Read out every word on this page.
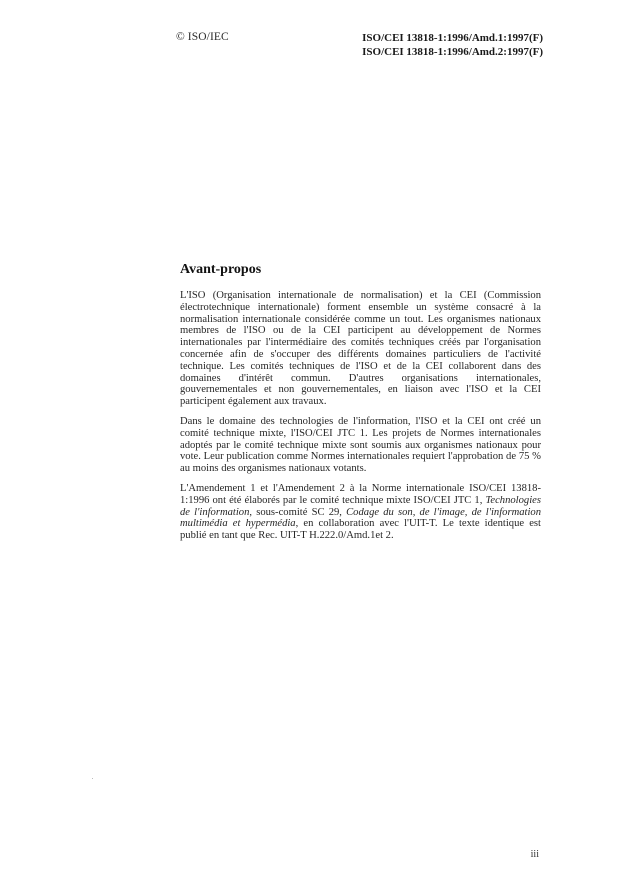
© ISO/IEC	ISO/CEI 13818-1:1996/Amd.1:1997(F)
ISO/CEI 13818-1:1996/Amd.2:1997(F)
Avant-propos

L'ISO (Organisation internationale de normalisation) et la CEI (Commission électrotechnique internationale) forment ensemble un système consacré à la normalisation internationale considérée comme un tout. Les organismes nationaux membres de l'ISO ou de la CEI participent au développement de Normes internationales par l'intermédiaire des comités techniques créés par l'organisation concernée afin de s'occuper des différents domaines particuliers de l'activité technique. Les comités techniques de l'ISO et de la CEI collaborent dans des domaines d'intérêt commun. D'autres organisations internationales, gouvernementales et non gouvernementales, en liaison avec l'ISO et la CEI participent également aux travaux.

Dans le domaine des technologies de l'information, l'ISO et la CEI ont créé un comité technique mixte, l'ISO/CEI JTC 1. Les projets de Normes internationales adoptés par le comité technique mixte sont soumis aux organismes nationaux pour vote. Leur publication comme Normes internationales requiert l'approbation de 75 % au moins des organismes nationaux votants.

L'Amendement 1 et l'Amendement 2 à la Norme internationale ISO/CEI 13818-1:1996 ont été élaborés par le comité technique mixte ISO/CEI JTC 1, Technologies de l'information, sous-comité SC 29, Codage du son, de l'image, de l'information multimédia et hypermédia, en collaboration avec l'UIT-T. Le texte identique est publié en tant que Rec. UIT-T H.222.0/Amd.1et 2.

iii
